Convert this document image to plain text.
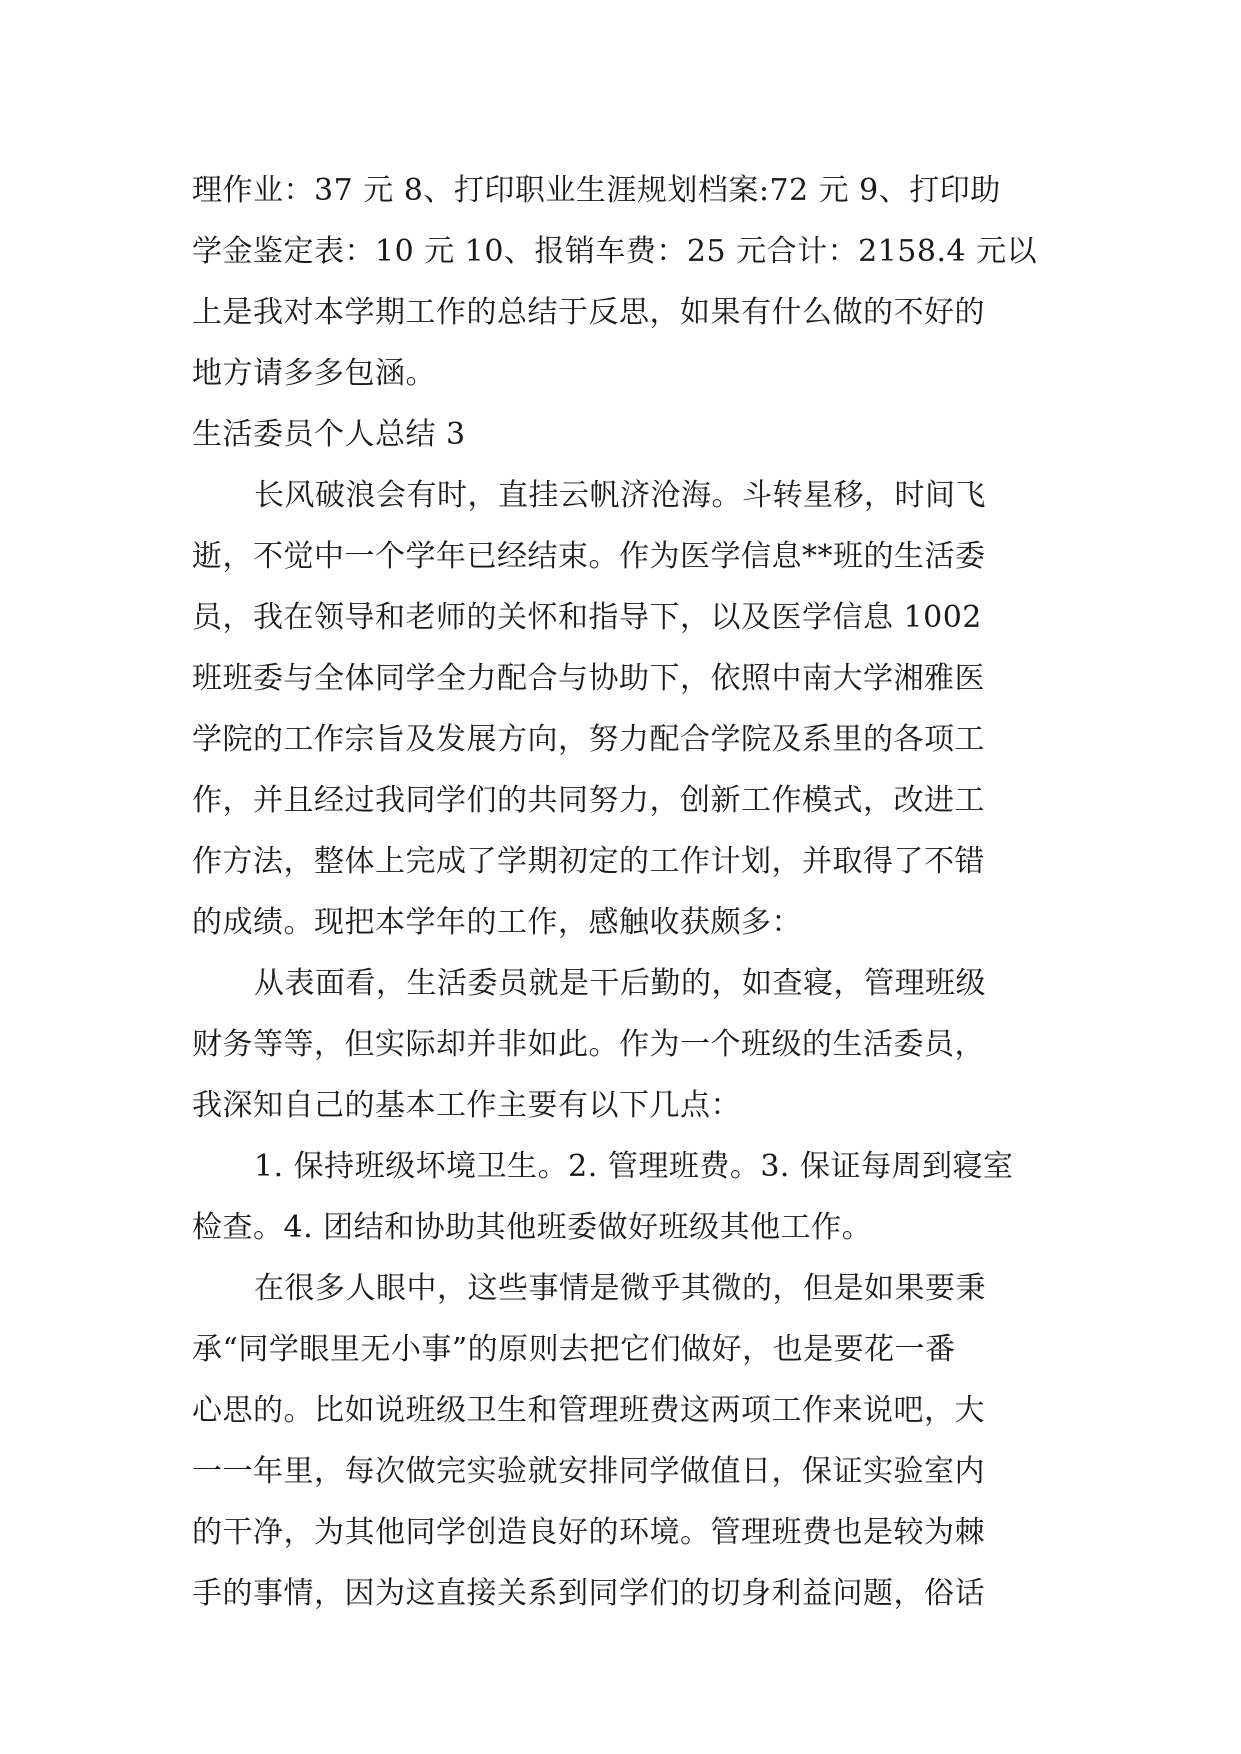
理作业：37 元 8、打印职业生涯规划档案:72 元 9、打印助
学金鉴定表：10 元 10、报销车费：25 元合计：2158.4 元以
上是我对本学期工作的总结于反思，如果有什么做的不好的
地方请多多包涵。
生活委员个人总结 3
长风破浪会有时，直挂云帆济沧海。斗转星移，时间飞
逝，不觉中一个学年已经结束。作为医学信息**班的生活委
员，我在领导和老师的关怀和指导下，以及医学信息 1002
班班委与全体同学全力配合与协助下，依照中南大学湘雅医
学院的工作宗旨及发展方向，努力配合学院及系里的各项工
作，并且经过我同学们的共同努力，创新工作模式，改进工
作方法，整体上完成了学期初定的工作计划，并取得了不错
的成绩。现把本学年的工作，感触收获颇多：
从表面看，生活委员就是干后勤的，如查寝，管理班级
财务等等，但实际却并非如此。作为一个班级的生活委员，
我深知自己的基本工作主要有以下几点：
1. 保持班级坏境卫生。2. 管理班费。3. 保证每周到寝室
检查。4. 团结和协助其他班委做好班级其他工作。
在很多人眼中，这些事情是微乎其微的，但是如果要秉
承“同学眼里无小事”的原则去把它们做好，也是要花一番
心思的。比如说班级卫生和管理班费这两项工作来说吧，大
一一年里，每次做完实验就安排同学做值日，保证实验室内
的干净，为其他同学创造良好的环境。管理班费也是较为棘
手的事情，因为这直接关系到同学们的切身利益问题，俗话
